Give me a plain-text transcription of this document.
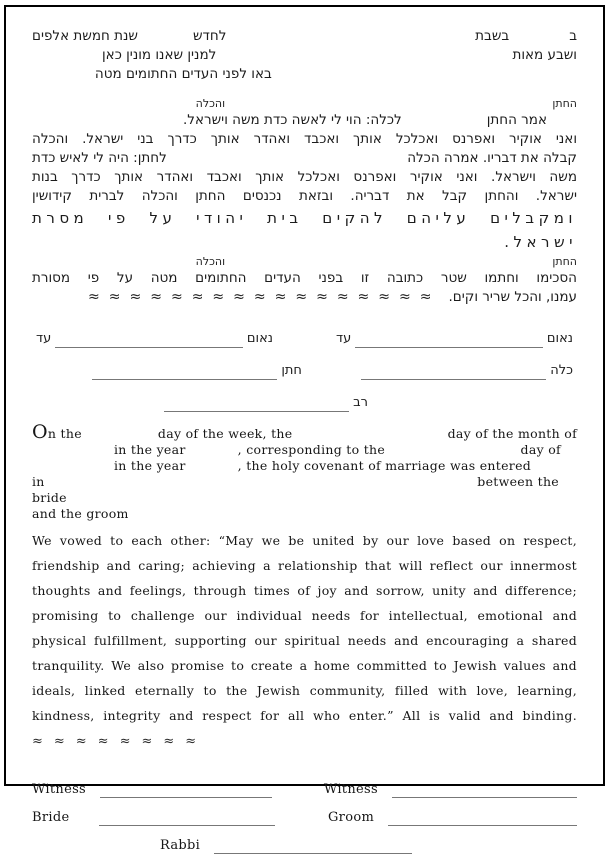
ב
בשבת
לחדש
שנת חמשת אלפים
ושבע מאות
למנין שאנו מונין כאן
באו לפני העדים החתומים מטה
החתן
והכלה
אמר החתן
לכלה: הוי לי לאשה כדת משה וישראל.
ואני אוקיר ואפרנס ואכלכל אותך ואכבד ואהדר אותך כדרך בני ישראל. והכלה
קבלה את דבריו. אמרה הכלה
לחתן: היה לי לאיש כדת
משה וישראל. ואני אוקיר ואפרנס ואכלכל אותך ואכבד ואהדר אותך כדרך בנות
ישראל. והחתן קבל את דבריה. ובזאת נכנסים החתן והכלה לברית קידושין
ומקבלים עליהם להקים בית יהודי על פי מסרת ישראל.
החתן
והכלה
הסכימו וחתמו שטר כתובה זו בפני העדים החתומים מטה על פי מסורת
עמנו, והכל שריר וקים.
≈≈≈≈≈≈≈≈≈≈≈≈≈≈≈≈≈
נאום
עד
נאום
עד
כלה
חתן
רב
On the	day of the week, the	day of the month of
in the year	, corresponding to the	day of
in the year	, the holy covenant of marriage was entered
in	between the
bride
and the groom

We vowed to each other: “May we be united by our love based on respect, friendship and caring; achieving a relationship that will reflect our innermost thoughts and feelings, through times of joy and sorrow, unity and difference; promising to challenge our individual needs for intellectual, emotional and physical fulfillment, supporting our spiritual needs and encouraging a shared tranquility. We also promise to create a home committed to Jewish values and ideals, linked eternally to the Jewish community, filled with love, learning, kindness, integrity and respect for all who enter.” All is valid and binding. ≈≈≈≈≈≈≈≈

Witness	Witness
Bride	Groom
Rabbi
